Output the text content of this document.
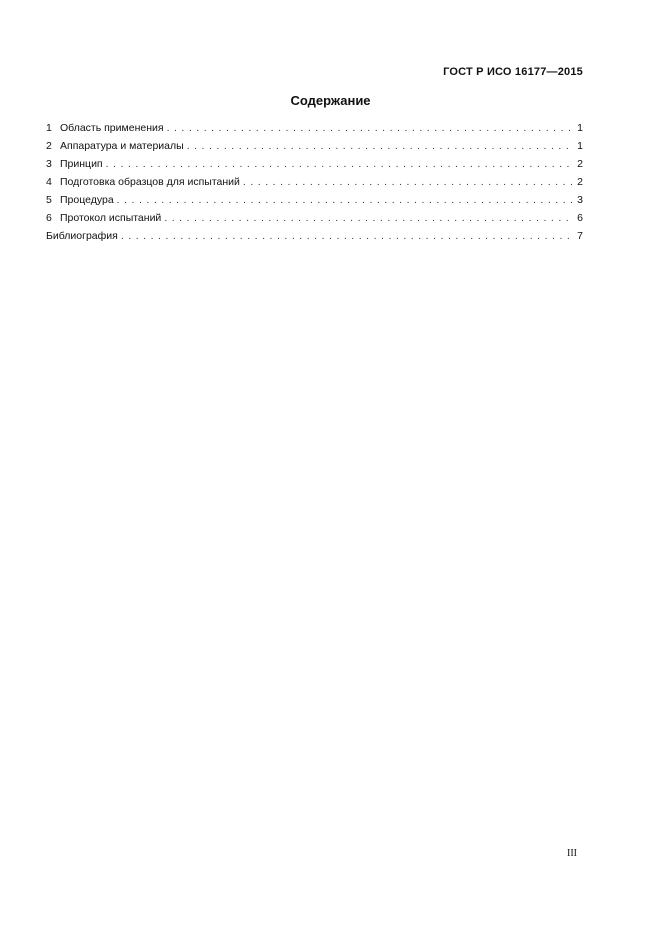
ГОСТ Р ИСО 16177—2015
Содержание
1 Область применения . . .	1
2 Аппаратура и материалы . . .	1
3 Принцип . . .	2
4 Подготовка образцов для испытаний . . .	2
5 Процедура . . .	3
6 Протокол испытаний . . .	6
Библиография . . .	7
III
